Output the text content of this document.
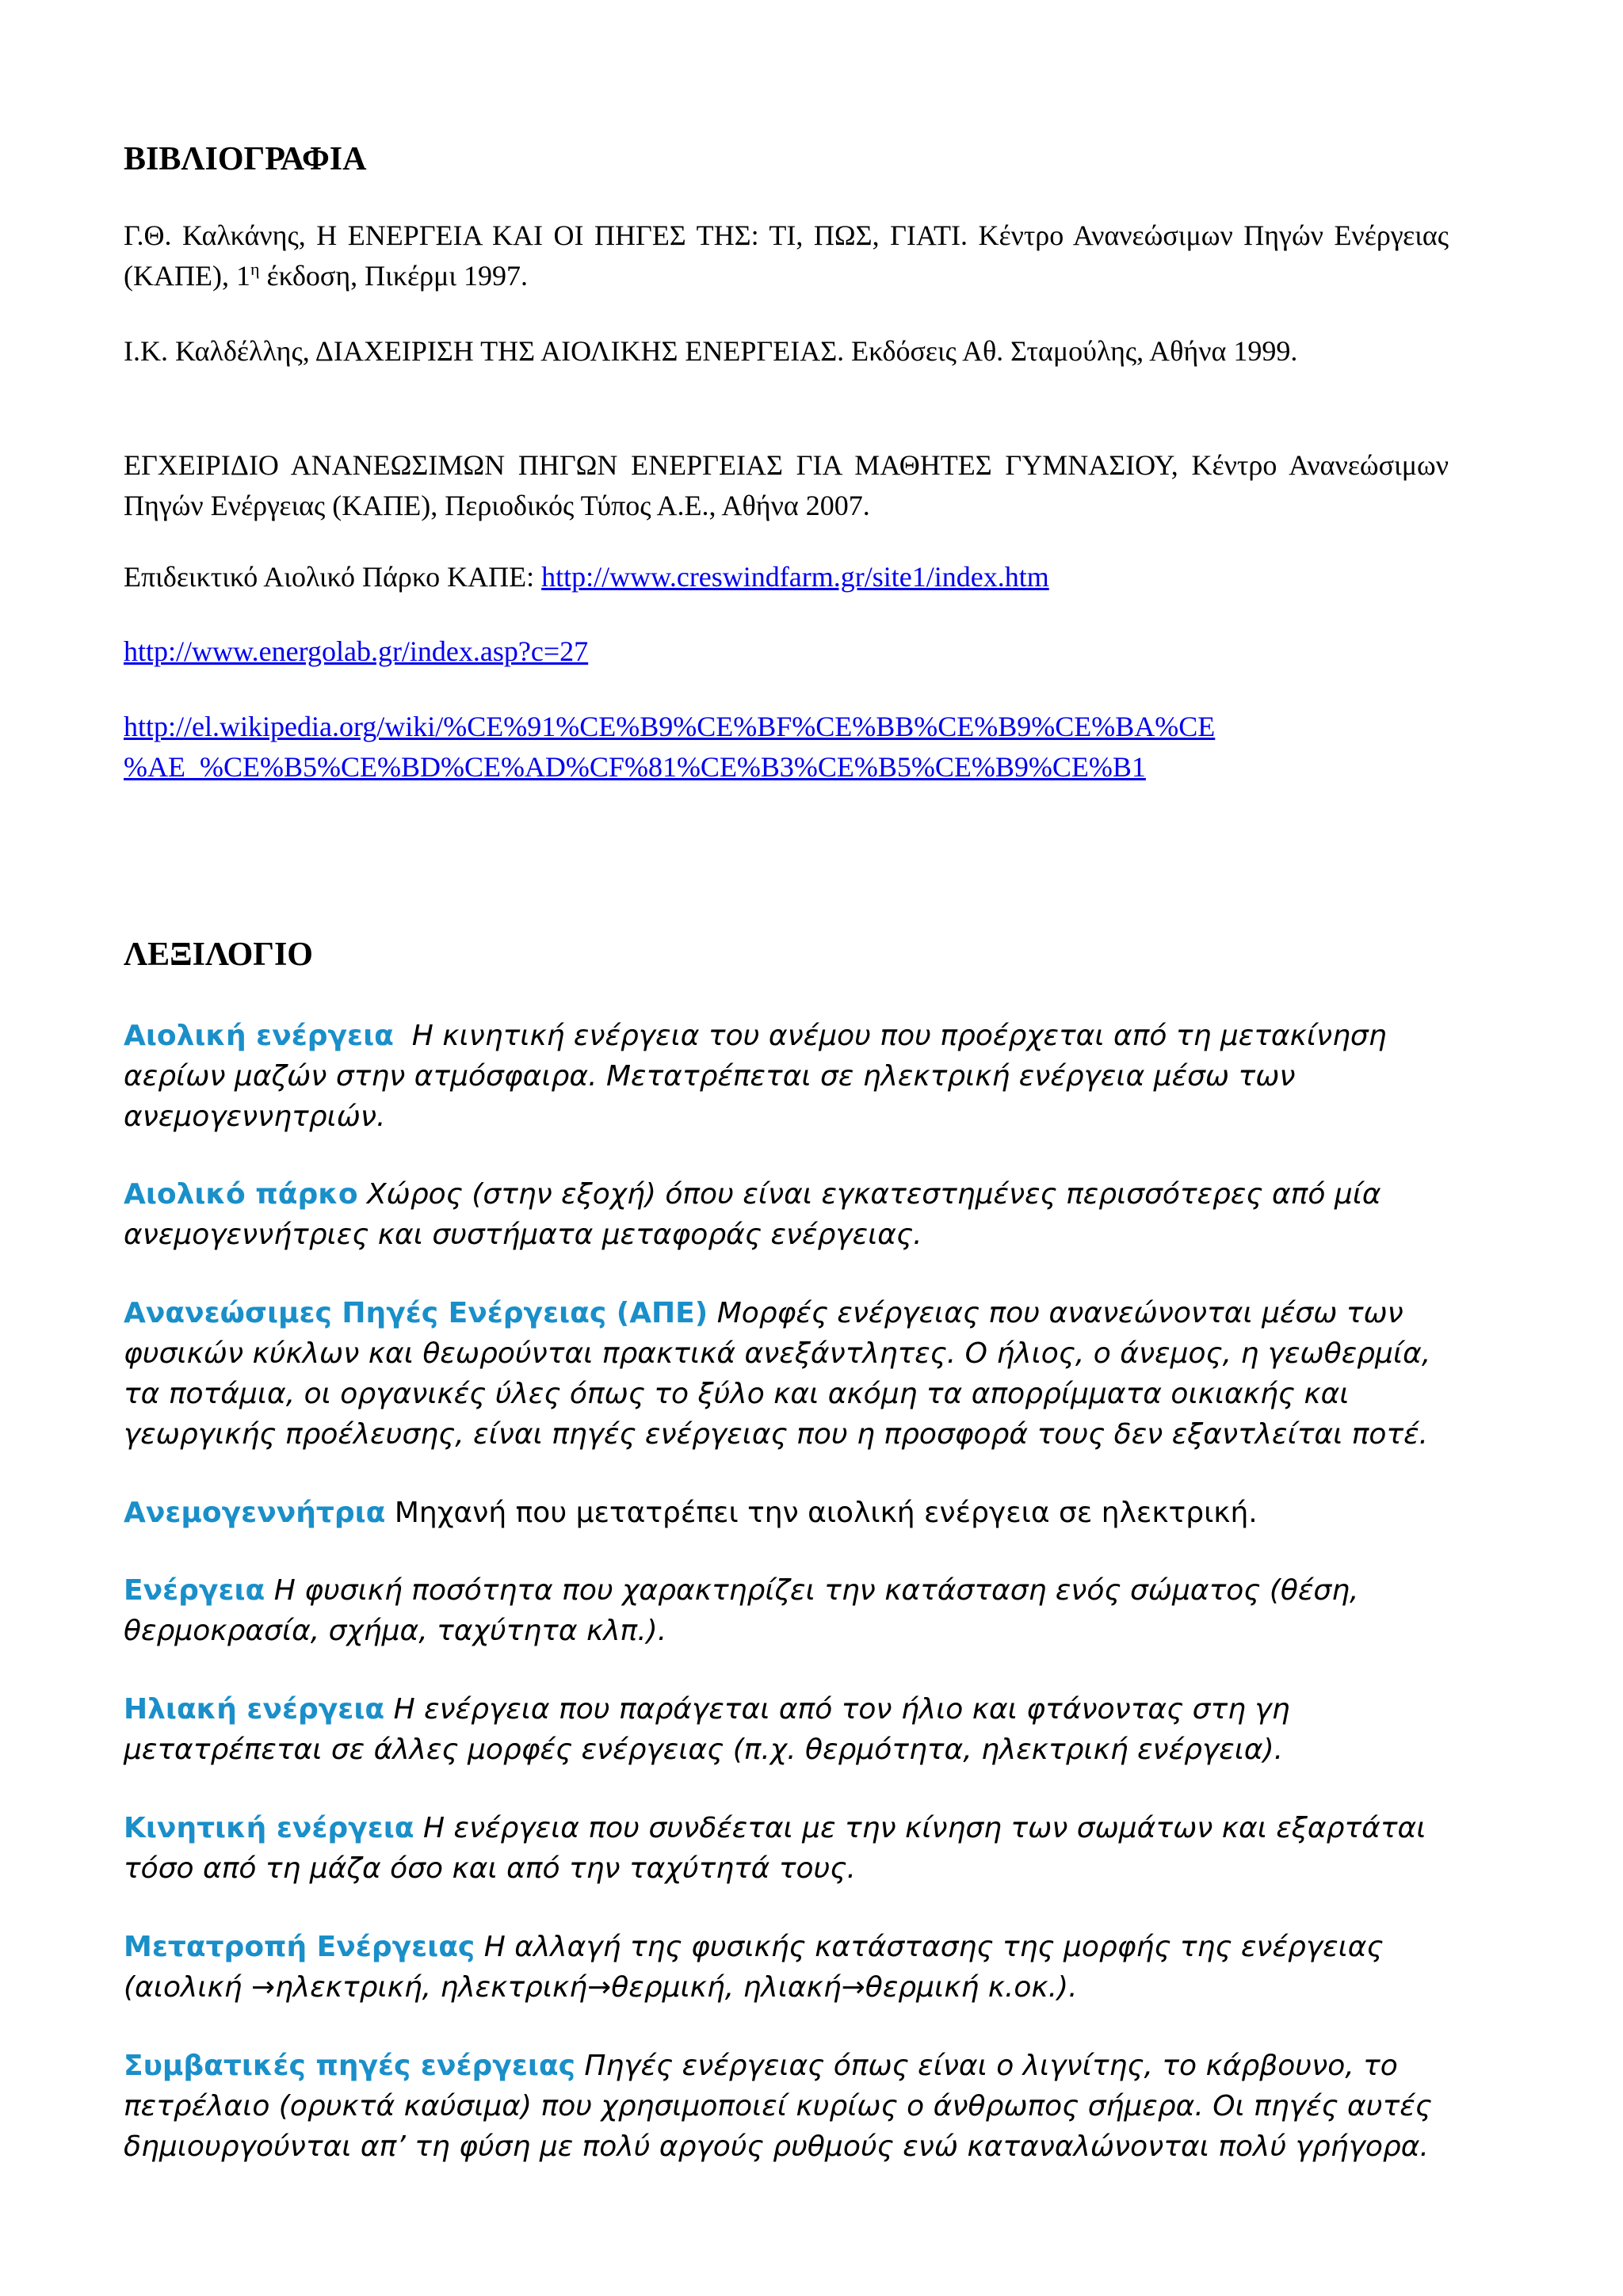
ΒΙΒΛΙΟΓΡΑΦΙΑ
Γ.Θ. Καλκάνης, Η ΕΝΕΡΓΕΙΑ ΚΑΙ ΟΙ ΠΗΓΕΣ ΤΗΣ: ΤΙ, ΠΩΣ, ΓΙΑΤΙ. Κέντρο Ανανεώσιμων Πηγών Ενέργειας (ΚΑΠΕ), $1^\eta$ έκδοση, Πικέρμι 1997.
Ι.Κ. Καλδέλλης, ΔΙΑΧΕΙΡΙΣΗ ΤΗΣ ΑΙΟΛΙΚΗΣ ΕΝΕΡΓΕΙΑΣ. Εκδόσεις Αθ. Σταμούλης, Αθήνα 1999.
ΕΓΧΕΙΡΙΔΙΟ ΑΝΑΝΕΩΣΙΜΩΝ ΠΗΓΩΝ ΕΝΕΡΓΕΙΑΣ ΓΙΑ ΜΑΘΗΤΕΣ ΓΥΜΝΑΣΙΟΥ, Κέντρο Ανανεώσιμων Πηγών Ενέργειας (ΚΑΠΕ), Περιοδικός Τύπος Α.Ε., Αθήνα 2007.
Επιδεικτικό Αιολικό Πάρκο ΚΑΠΕ: http://www.creswindfarm.gr/site1/index.htm
http://www.energolab.gr/index.asp?c=27
http://el.wikipedia.org/wiki/%CE%91%CE%B9%CE%BF%CE%BB%CE%B9%CE%BA%CE
%AE_%CE%B5%CE%BD%CE%AD%CF%81%CE%B3%CE%B5%CE%B9%CE%B1
ΛΕΞΙΛΟΓΙΟ
Αιολική ενέργεια Η κινητική ενέργεια του ανέμου που προέρχεται από τη μετακίνηση αερίων μαζών στην ατμόσφαιρα. Μετατρέπεται σε ηλεκτρική ενέργεια μέσω των ανεμογεννητριών.
Αιολικό πάρκο Χώρος (στην εξοχή) όπου είναι εγκατεστημένες περισσότερες από μία ανεμογεννήτριες και συστήματα μεταφοράς ενέργειας.
Ανανεώσιμες Πηγές Ενέργειας (ΑΠΕ) Μορφές ενέργειας που ανανεώνονται μέσω των φυσικών κύκλων και θεωρούνται πρακτικά ανεξάντλητες. Ο ήλιος, ο άνεμος, η γεωθερμία, τα ποτάμια, οι οργανικές ύλες όπως το ξύλο και ακόμη τα απορρίμματα οικιακής και γεωργικής προέλευσης, είναι πηγές ενέργειας που η προσφορά τους δεν εξαντλείται ποτέ.
Ανεμογεννήτρια Μηχανή που μετατρέπει την αιολική ενέργεια σε ηλεκτρική.
Ενέργεια Η φυσική ποσότητα που χαρακτηρίζει την κατάσταση ενός σώματος (θέση, θερμοκρασία, σχήμα, ταχύτητα κλπ.).
Ηλιακή ενέργεια Η ενέργεια που παράγεται από τον ήλιο και φτάνοντας στη γη μετατρέπεται σε άλλες μορφές ενέργειας (π.χ. θερμότητα, ηλεκτρική ενέργεια).
Κινητική ενέργεια Η ενέργεια που συνδέεται με την κίνηση των σωμάτων και εξαρτάται τόσο από τη μάζα όσο και από την ταχύτητά τους.
Μετατροπή Ενέργειας Η αλλαγή της φυσικής κατάστασης της μορφής της ενέργειας (αιολική →ηλεκτρική, ηλεκτρική→θερμική, ηλιακή→θερμική κ.οκ.).
Συμβατικές πηγές ενέργειας Πηγές ενέργειας όπως είναι ο λιγνίτης, το κάρβουνο, το πετρέλαιο (ορυκτά καύσιμα) που χρησιμοποιεί κυρίως ο άνθρωπος σήμερα. Οι πηγές αυτές δημιουργούνται απ’ τη φύση με πολύ αργούς ρυθμούς ενώ καταναλώνονται πολύ γρήγορα.
